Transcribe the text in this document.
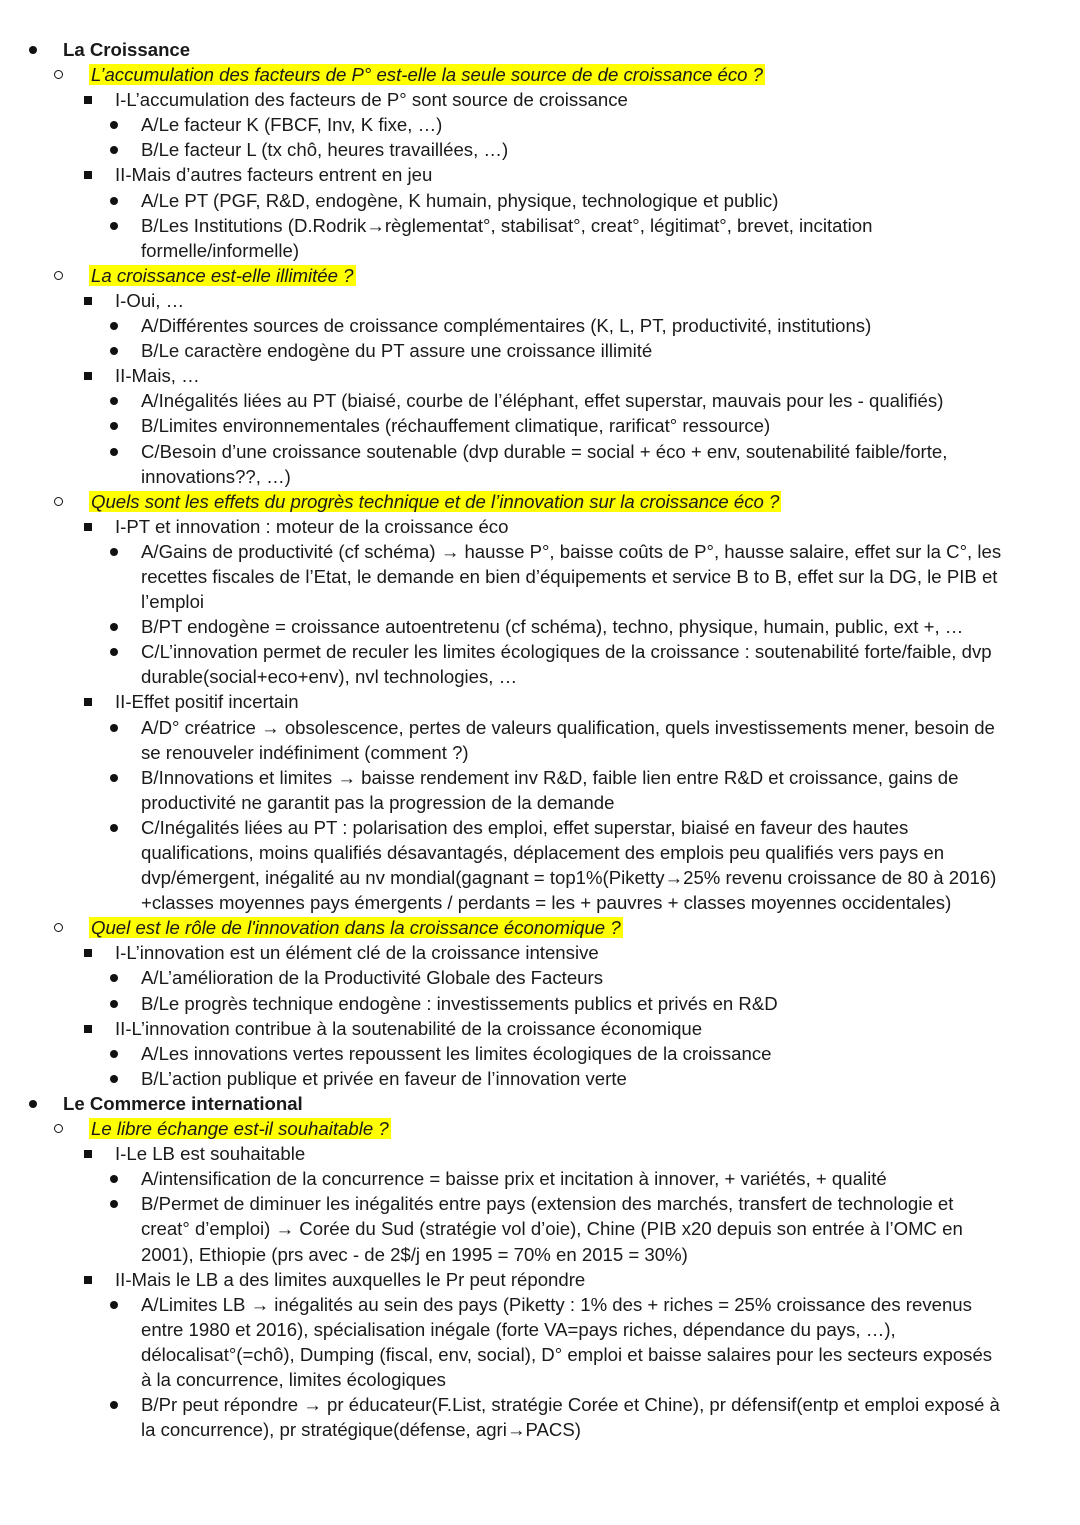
La Croissance
L’accumulation des facteurs de P° est-elle la seule source de de croissance éco ?
I-L’accumulation des facteurs de P° sont source de croissance
A/Le facteur K (FBCF, Inv, K fixe, …)
B/Le facteur L (tx chô, heures travaillées, …)
II-Mais d’autres facteurs entrent en jeu
A/Le PT (PGF, R&D, endogène, K humain, physique, technologique et public)
B/Les Institutions (D.Rodrik→règlementat°, stabilisat°, creat°, légitimat°, brevet, incitation
formelle/informelle)
La croissance est-elle illimitée ?
I-Oui, …
A/Différentes sources de croissance complémentaires (K, L, PT, productivité, institutions)
B/Le caractère endogène du PT assure une croissance illimité
II-Mais, …
A/Inégalités liées au PT (biaisé, courbe de l’éléphant, effet superstar, mauvais pour les - qualifiés)
B/Limites environnementales (réchauffement climatique, rarificat° ressource)
C/Besoin d’une croissance soutenable (dvp durable = social + éco + env, soutenabilité faible/forte,
innovations??, …)
Quels sont les effets du progrès technique et de l’innovation sur la croissance éco ?
I-PT et innovation : moteur de la croissance éco
A/Gains de productivité (cf schéma) → hausse P°, baisse coûts de P°, hausse salaire, effet sur la C°, les
recettes fiscales de l’Etat, le demande en bien d’équipements et service B to B, effet sur la DG, le PIB et
l’emploi
B/PT endogène = croissance autoentretenu (cf schéma), techno, physique, humain, public, ext +, …
C/L’innovation permet de reculer les limites écologiques de la croissance : soutenabilité forte/faible, dvp
durable(social+eco+env), nvl technologies, …
II-Effet positif incertain
A/D° créatrice → obsolescence, pertes de valeurs qualification, quels investissements mener, besoin de
se renouveler indéfiniment (comment ?)
B/Innovations et limites → baisse rendement inv R&D, faible lien entre R&D et croissance, gains de
productivité ne garantit pas la progression de la demande
C/Inégalités liées au PT : polarisation des emploi, effet superstar, biaisé en faveur des hautes
qualifications, moins qualifiés désavantagés, déplacement des emplois peu qualifiés vers pays en
dvp/émergent, inégalité au nv mondial(gagnant = top1%(Piketty→25% revenu croissance de 80 à 2016)
+classes moyennes pays émergents / perdants = les + pauvres + classes moyennes occidentales)
Quel est le rôle de l'innovation dans la croissance économique ?
I-L’innovation est un élément clé de la croissance intensive
A/L’amélioration de la Productivité Globale des Facteurs
B/Le progrès technique endogène : investissements publics et privés en R&D
II-L’innovation contribue à la soutenabilité de la croissance économique
A/Les innovations vertes repoussent les limites écologiques de la croissance
B/L’action publique et privée en faveur de l’innovation verte
Le Commerce international
Le libre échange est-il souhaitable ?
I-Le LB est souhaitable
A/intensification de la concurrence = baisse prix et incitation à innover, + variétés, + qualité
B/Permet de diminuer les inégalités entre pays (extension des marchés, transfert de technologie et
creat° d’emploi) → Corée du Sud (stratégie vol d’oie), Chine (PIB x20 depuis son entrée à l’OMC en
2001), Ethiopie (prs avec - de 2$/j en 1995 = 70% en 2015 = 30%)
II-Mais le LB a des limites auxquelles le Pr peut répondre
A/Limites LB → inégalités au sein des pays (Piketty : 1% des + riches = 25% croissance des revenus
entre 1980 et 2016), spécialisation inégale (forte VA=pays riches, dépendance du pays, …),
délocalisat°(=chô), Dumping (fiscal, env, social), D° emploi et baisse salaires pour les secteurs exposés
à la concurrence, limites écologiques
B/Pr peut répondre → pr éducateur(F.List, stratégie Corée et Chine), pr défensif(entp et emploi exposé à
la concurrence), pr stratégique(défense, agri→PACS)
